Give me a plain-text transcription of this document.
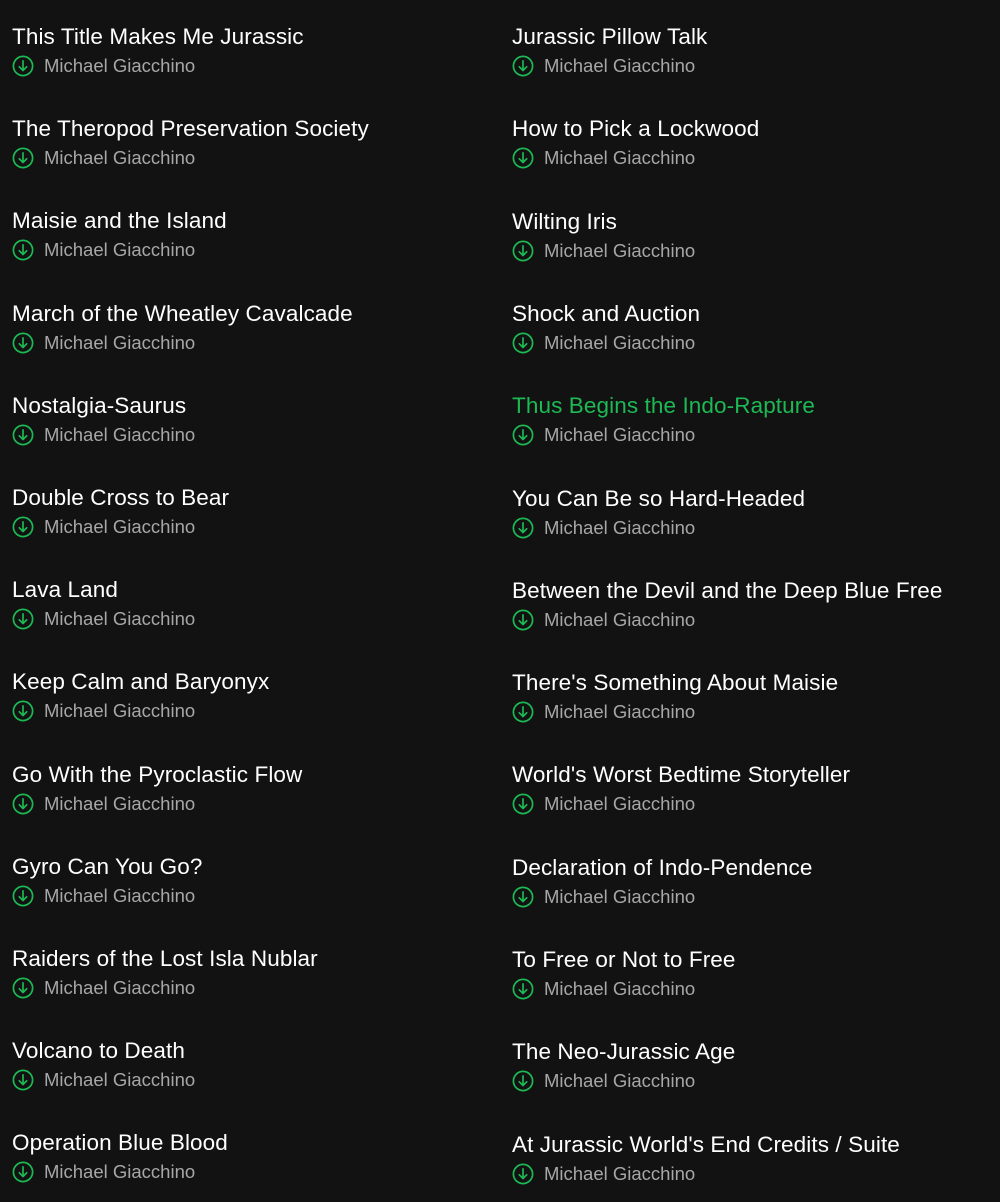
This Title Makes Me Jurassic
Michael Giacchino
The Theropod Preservation Society
Michael Giacchino
Maisie and the Island
Michael Giacchino
March of the Wheatley Cavalcade
Michael Giacchino
Nostalgia-Saurus
Michael Giacchino
Double Cross to Bear
Michael Giacchino
Lava Land
Michael Giacchino
Keep Calm and Baryonyx
Michael Giacchino
Go With the Pyroclastic Flow
Michael Giacchino
Gyro Can You Go?
Michael Giacchino
Raiders of the Lost Isla Nublar
Michael Giacchino
Volcano to Death
Michael Giacchino
Operation Blue Blood
Michael Giacchino
Jurassic Pillow Talk
Michael Giacchino
How to Pick a Lockwood
Michael Giacchino
Wilting Iris
Michael Giacchino
Shock and Auction
Michael Giacchino
Thus Begins the Indo-Rapture
Michael Giacchino
You Can Be so Hard-Headed
Michael Giacchino
Between the Devil and the Deep Blue Free
Michael Giacchino
There's Something About Maisie
Michael Giacchino
World's Worst Bedtime Storyteller
Michael Giacchino
Declaration of Indo-Pendence
Michael Giacchino
To Free or Not to Free
Michael Giacchino
The Neo-Jurassic Age
Michael Giacchino
At Jurassic World's End Credits / Suite
Michael Giacchino
